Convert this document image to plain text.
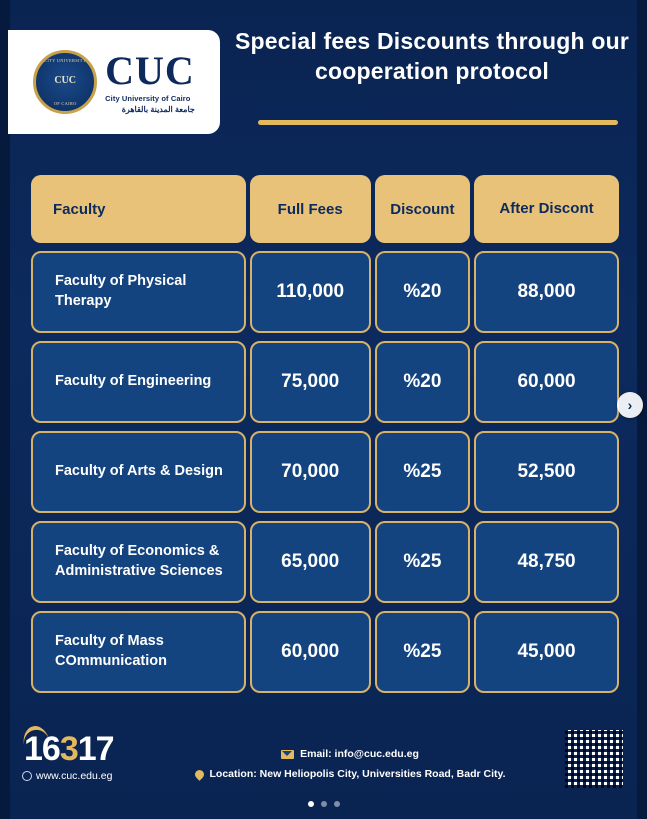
CITY UNIVERSITY
CUC
OF CAIRO
CUC
City University of Cairo
جامعة المدينة بالقاهرة
Special fees Discounts through our cooperation protocol
Faculty	Full Fees	Discount	After Discont
Faculty of Physical Therapy	110,000	%20	88,000
Faculty of Engineering	75,000	%20	60,000
Faculty of Arts & Design	70,000	%25	52,500
Faculty of Economics & Administrative Sciences	65,000	%25	48,750
Faculty of Mass COmmunication	60,000	%25	45,000
16317
www.cuc.edu.eg
Email: info@cuc.edu.eg
Location: New Heliopolis City, Universities Road, Badr City.
›
